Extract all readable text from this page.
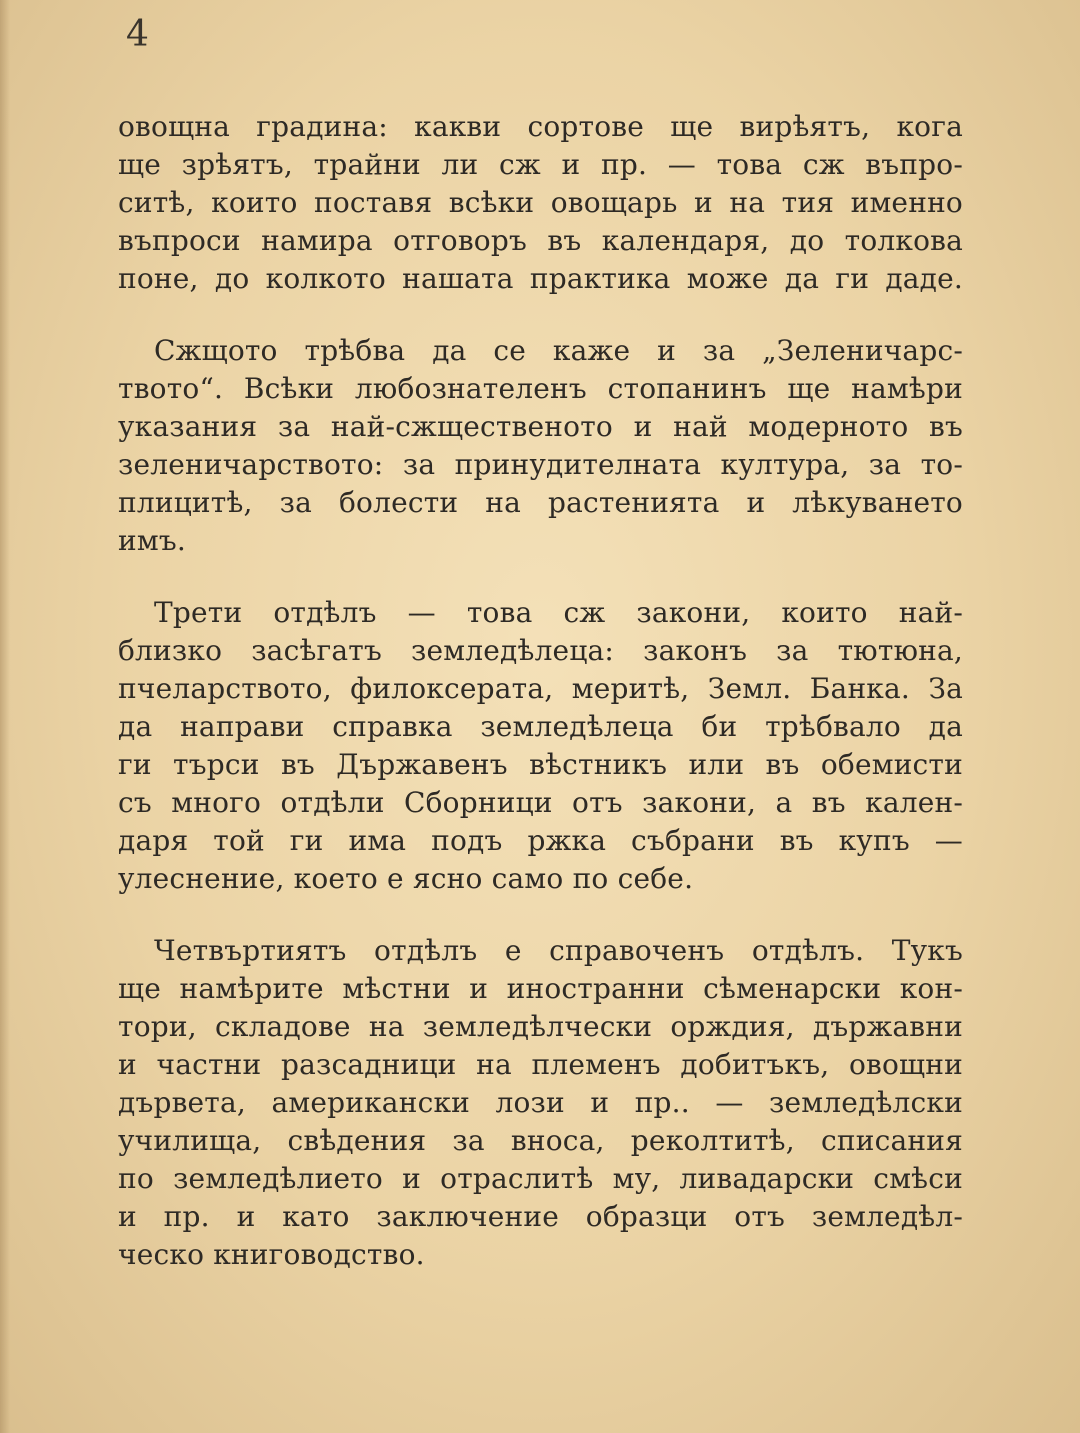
4

овощна градина: какви сортове ще вирѣятъ, кога
ще зрѣятъ, трайни ли сж и пр. — това сж въпро-
ситѣ, които поставя всѣки овощарь и на тия именно
въпроси намира отговоръ въ календаря, до толкова
поне, до колкото нашата практика може да ги даде.

Сжщото трѣбва да се каже и за „Зеленичарс-
твото“. Всѣки любознателенъ стопанинъ ще намѣри
указания за най-сжщественото и най модерното въ
зеленичарството: за принудителната култура, за то-
плицитѣ, за болести на растенията и лѣкуването
имъ.

Трети отдѣлъ — това сж закони, които най-
близко засѣгатъ земледѣлеца: законъ за тютюна,
пчеларството, филоксерата, меритѣ, Земл. Банка. За
да направи справка земледѣлеца би трѣбвало да
ги търси въ Държавенъ вѣстникъ или въ обемисти
съ много отдѣли Сборници отъ закони, а въ кален-
даря той ги има подъ ржка събрани въ купъ —
улеснение, което е ясно само по себе.

Четвъртиятъ отдѣлъ е справоченъ отдѣлъ. Тукъ
ще намѣрите мѣстни и иностранни сѣменарски кон-
тори, складове на земледѣлчески орждия, държавни
и частни разсадници на племенъ добитъкъ, овощни
дървета, американски лози и пр.. — земледѣлски
училища, свѣдения за вноса, реколтитѣ, списания
по земледѣлието и отраслитѣ му, ливадарски смѣси
и пр. и като заключение образци отъ земледѣл-
ческо книговодство.
